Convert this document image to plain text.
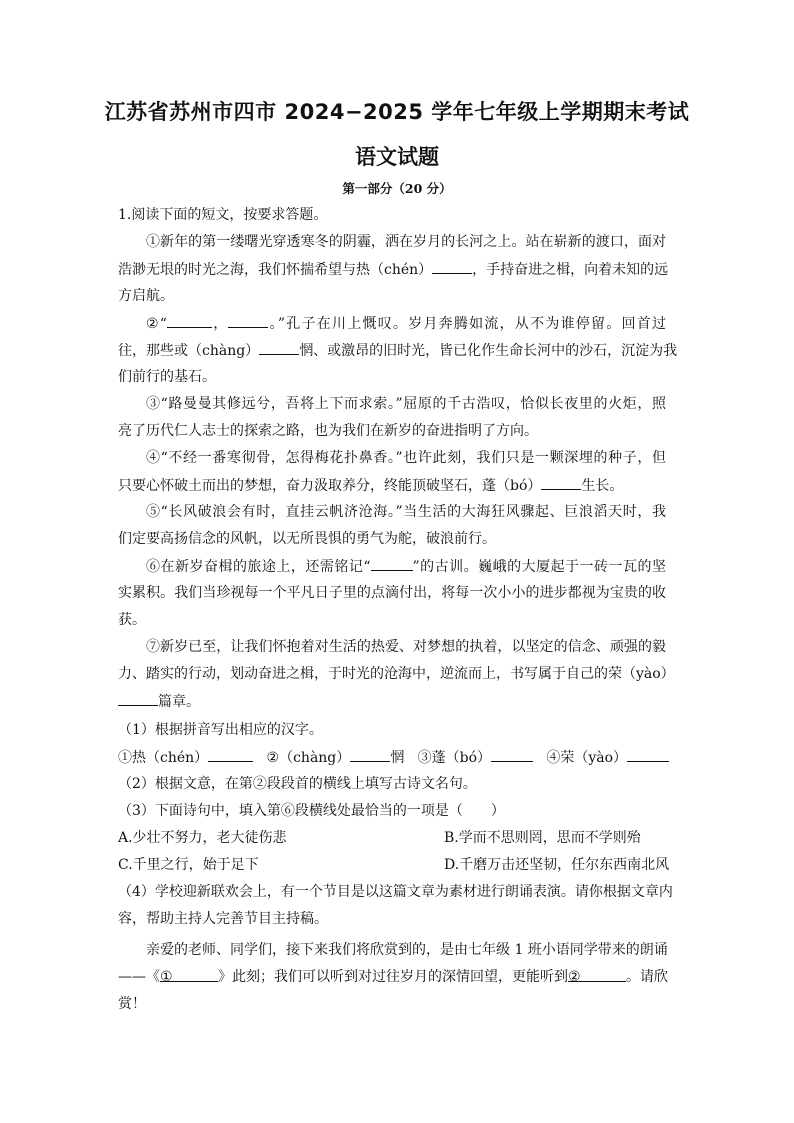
江苏省苏州市四市 2024−2025 学年七年级上学期期末考试
语文试题
第一部分（20 分）
1.阅读下面的短文，按要求答题。
①新年的第一缕曙光穿透寒冬的阴霾，洒在岁月的长河之上。站在崭新的渡口，面对
浩渺无垠的时光之海，我们怀揣希望与热（chén）	，手持奋进之楫，向着未知的远
方启航。
②“	，	。”孔子在川上慨叹。岁月奔腾如流，从不为谁停留。回首过
往，那些或（chàng）	惘、或激昂的旧时光，皆已化作生命长河中的沙石，沉淀为我
们前行的基石。
③“路曼曼其修远兮，吾将上下而求索。”屈原的千古浩叹，恰似长夜里的火炬，照
亮了历代仁人志士的探索之路，也为我们在新岁的奋进指明了方向。
④“不经一番寒彻骨，怎得梅花扑鼻香。”也许此刻，我们只是一颗深埋的种子，但
只要心怀破土而出的梦想，奋力汲取养分，终能顶破坚石，蓬（bó）	生长。
⑤“长风破浪会有时，直挂云帆济沧海。”当生活的大海狂风骤起、巨浪滔天时，我
们定要高扬信念的风帆，以无所畏惧的勇气为舵，破浪前行。
⑥在新岁奋楫的旅途上，还需铭记“	”的古训。巍峨的大厦起于一砖一瓦的坚
实累积。我们当珍视每一个平凡日子里的点滴付出，将每一次小小的进步都视为宝贵的收
获。
⑦新岁已至，让我们怀抱着对生活的热爱、对梦想的执着，以坚定的信念、顽强的毅
力、踏实的行动，划动奋进之楫，于时光的沧海中，逆流而上，书写属于自己的荣（yào）
篇章。
（1）根据拼音写出相应的汉字。
①热（chén）	②（chàng）	惘 ③蓬（bó）	④荣（yào）
（2）根据文意，在第②段段首的横线上填写古诗文名句。
（3）下面诗句中，填入第⑥段横线处最恰当的一项是（　　）
A.少壮不努力，老大徒伤悲	B.学而不思则罔，思而不学则殆
C.千里之行，始于足下	D.千磨万击还坚韧，任尔东西南北风
（4）学校迎新联欢会上，有一个节目是以这篇文章为素材进行朗诵表演。请你根据文章内
容，帮助主持人完善节目主持稿。
亲爱的老师、同学们，接下来我们将欣赏到的，是由七年级 1 班小语同学带来的朗诵
——《①	》此刻；我们可以听到对过往岁月的深情回望，更能听到②	。请欣
赏！
